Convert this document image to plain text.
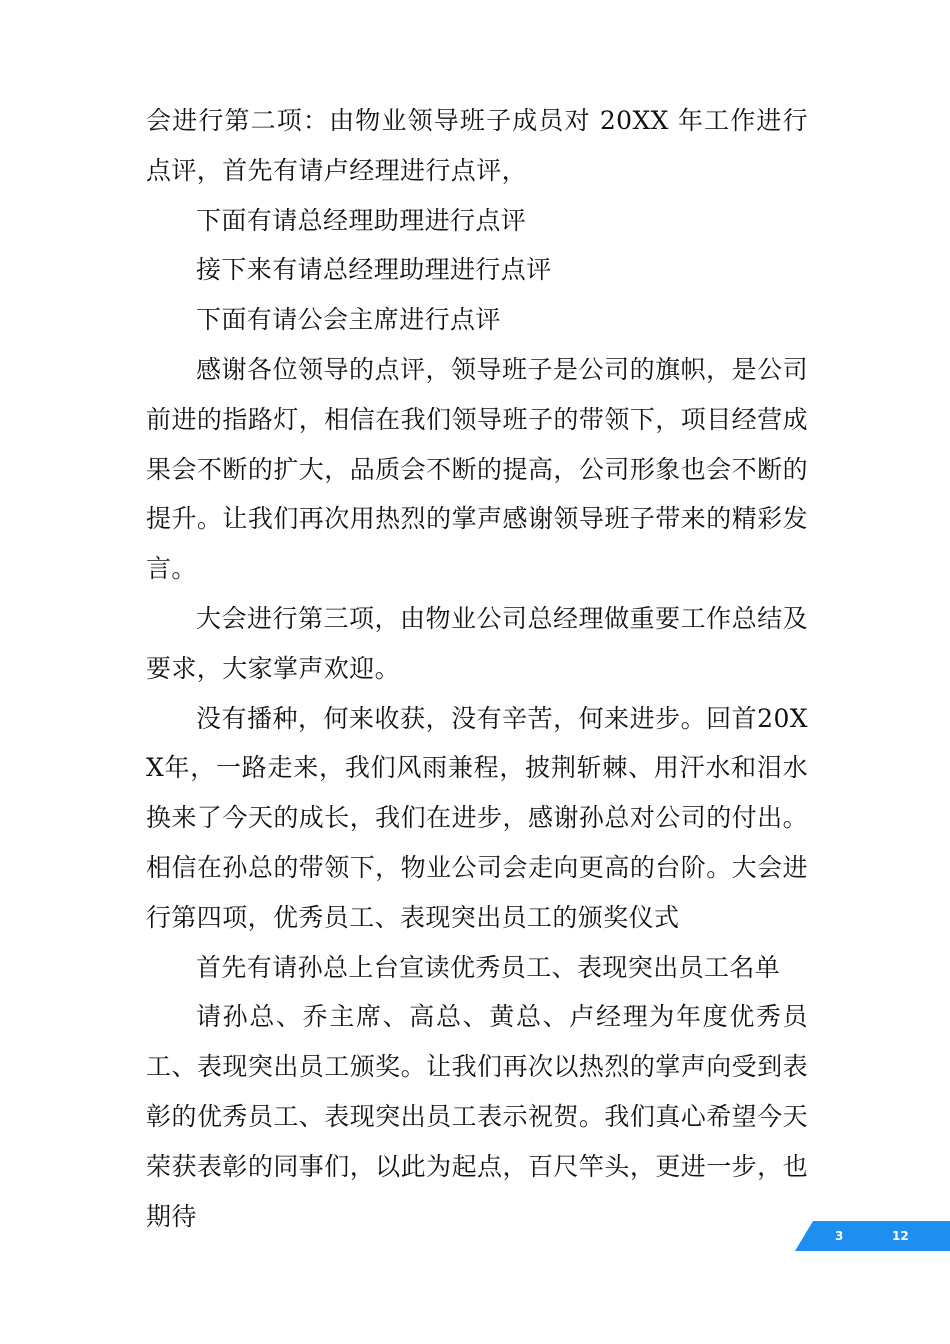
会进行第二项：由物业领导班子成员对 20XX 年工作进行点评，首先有请卢经理进行点评，

下面有请总经理助理进行点评

接下来有请总经理助理进行点评

下面有请公会主席进行点评

感谢各位领导的点评，领导班子是公司的旗帜，是公司前进的指路灯，相信在我们领导班子的带领下，项目经营成果会不断的扩大，品质会不断的提高，公司形象也会不断的提升。让我们再次用热烈的掌声感谢领导班子带来的精彩发言。

大会进行第三项，由物业公司总经理做重要工作总结及要求，大家掌声欢迎。

没有播种，何来收获，没有辛苦，何来进步。回首20XX年，一路走来，我们风雨兼程，披荆斩棘、用汗水和泪水换来了今天的成长，我们在进步，感谢孙总对公司的付出。相信在孙总的带领下，物业公司会走向更高的台阶。大会进行第四项，优秀员工、表现突出员工的颁奖仪式

首先有请孙总上台宣读优秀员工、表现突出员工名单

请孙总、乔主席、高总、黄总、卢经理为年度优秀员工、表现突出员工颁奖。让我们再次以热烈的掌声向受到表彰的优秀员工、表现突出员工表示祝贺。我们真心希望今天荣获表彰的同事们，以此为起点，百尺竿头，更进一步，也期待

3	12
